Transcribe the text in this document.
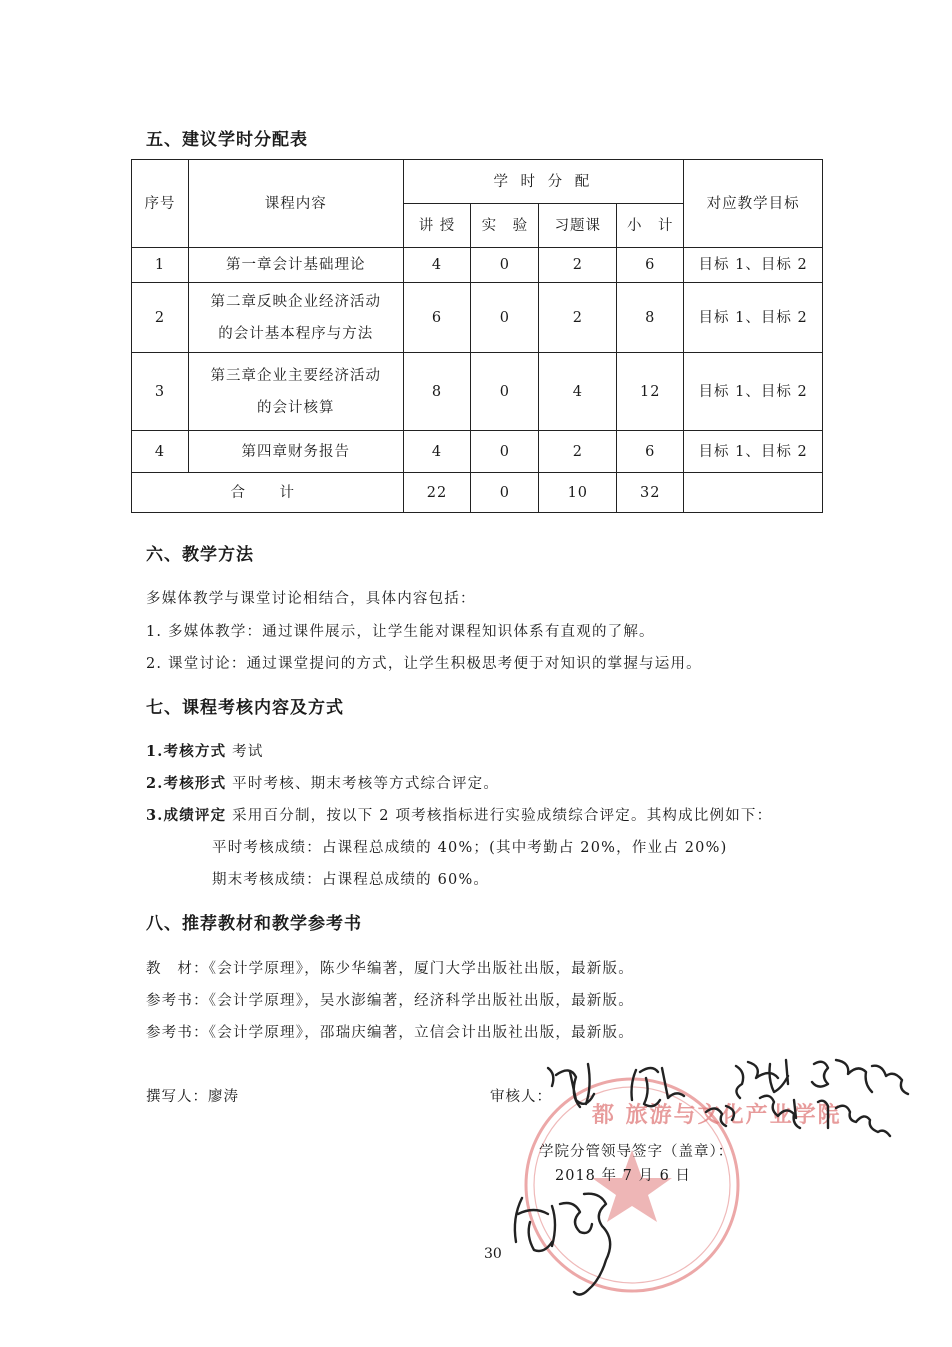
五、建议学时分配表
序号	课程内容	学 时 分 配				对应教学目标
		讲 授	实　验	习题课	小　计	
1	第一章会计基础理论	4	0	2	6	目标 1、目标 2
2	第二章反映企业经济活动
的会计基本程序与方法	6	0	2	8	目标 1、目标 2
3	第三章企业主要经济活动
的会计核算	8	0	4	12	目标 1、目标 2
4	第四章财务报告	4	0	2	6	目标 1、目标 2
合　计		22	0	10	32	
六、教学方法
多媒体教学与课堂讨论相结合，具体内容包括：
1. 多媒体教学：通过课件展示，让学生能对课程知识体系有直观的了解。
2. 课堂讨论：通过课堂提问的方式，让学生积极思考便于对知识的掌握与运用。
七、课程考核内容及方式
1.考核方式 考试
2.考核形式 平时考核、期末考核等方式综合评定。
3.成绩评定 采用百分制，按以下 2 项考核指标进行实验成绩综合评定。其构成比例如下：
平时考核成绩：占课程总成绩的 40%；(其中考勤占 20%，作业占 20%)
期末考核成绩：占课程总成绩的 60%。
八、推荐教材和教学参考书
教　材：《会计学原理》，陈少华编著，厦门大学出版社出版，最新版。
参考书：《会计学原理》，吴水澎编著，经济科学出版社出版，最新版。
参考书：《会计学原理》，邵瑞庆编著，立信会计出版社出版，最新版。
都 旅游与文化产业学院
撰写人：廖涛	审核人：
学院分管领导签字（盖章）：
2018 年 7 月 6 日
30
